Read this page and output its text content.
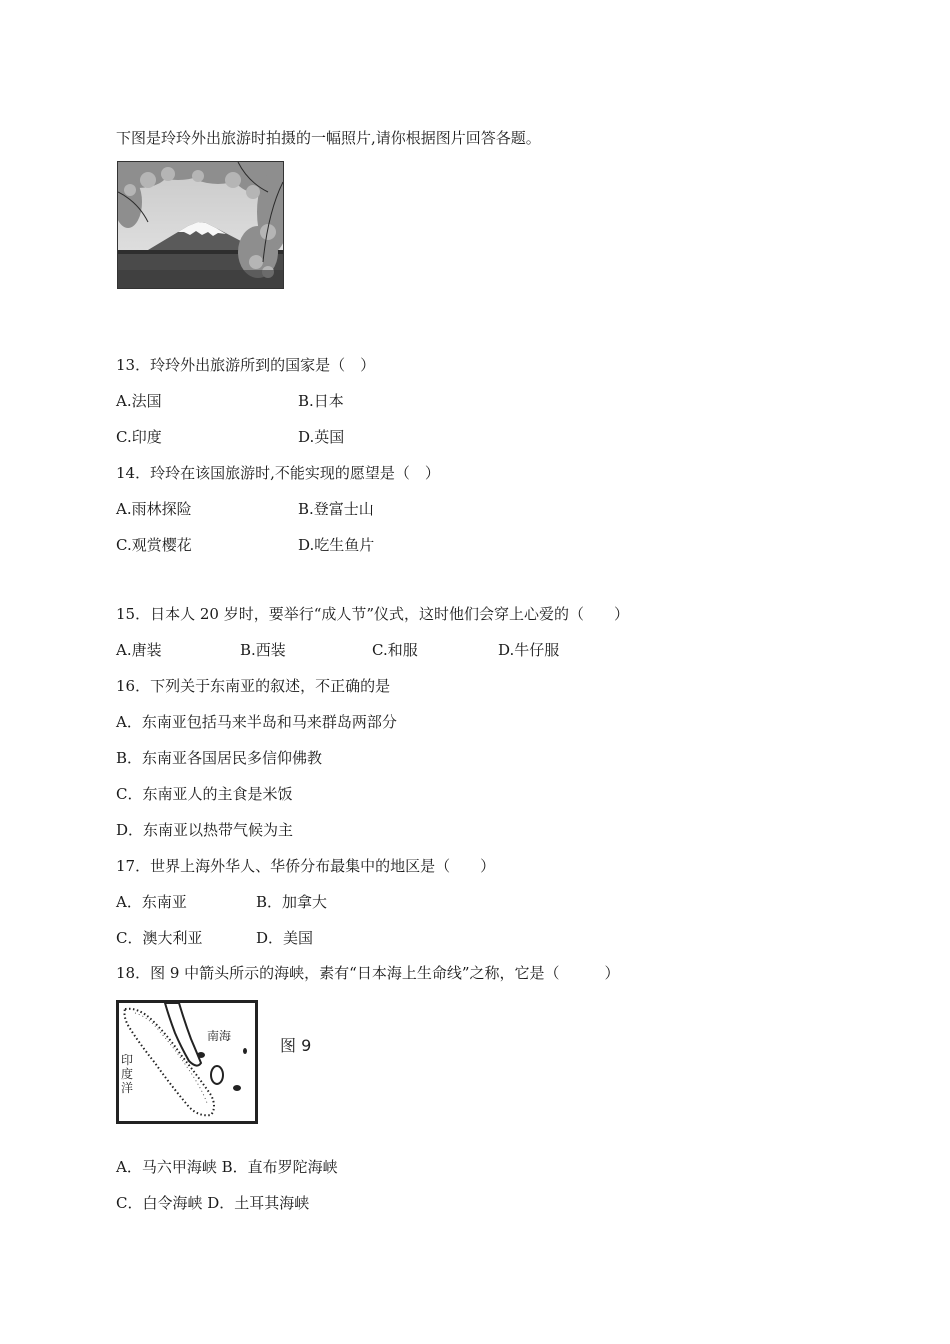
下图是玲玲外出旅游时拍摄的一幅照片,请你根据图片回答各题。
13．玲玲外出旅游所到的国家是（　）
A.法国	B.日本
C.印度	D.英国
14．玲玲在该国旅游时,不能实现的愿望是（　）
A.雨林探险	B.登富士山
C.观赏樱花	D.吃生鱼片
15．日本人 20 岁时，要举行“成人节”仪式，这时他们会穿上心爱的（　　）
A.唐装	B.西装	C.和服	D.牛仔服
16．下列关于东南亚的叙述，不正确的是
A．东南亚包括马来半岛和马来群岛两部分
B．东南亚各国居民多信仰佛教
C．东南亚人的主食是米饭
D．东南亚以热带气候为主
17．世界上海外华人、华侨分布最集中的地区是（　　）
A．东南亚	B．加拿大
C．澳大利亚	D．美国
18．图 9 中箭头所示的海峡，素有“日本海上生命线”之称，它是（　　　）
南海
印度洋
图 9
A．马六甲海峡 B．直布罗陀海峡
C．白令海峡 D．土耳其海峡
